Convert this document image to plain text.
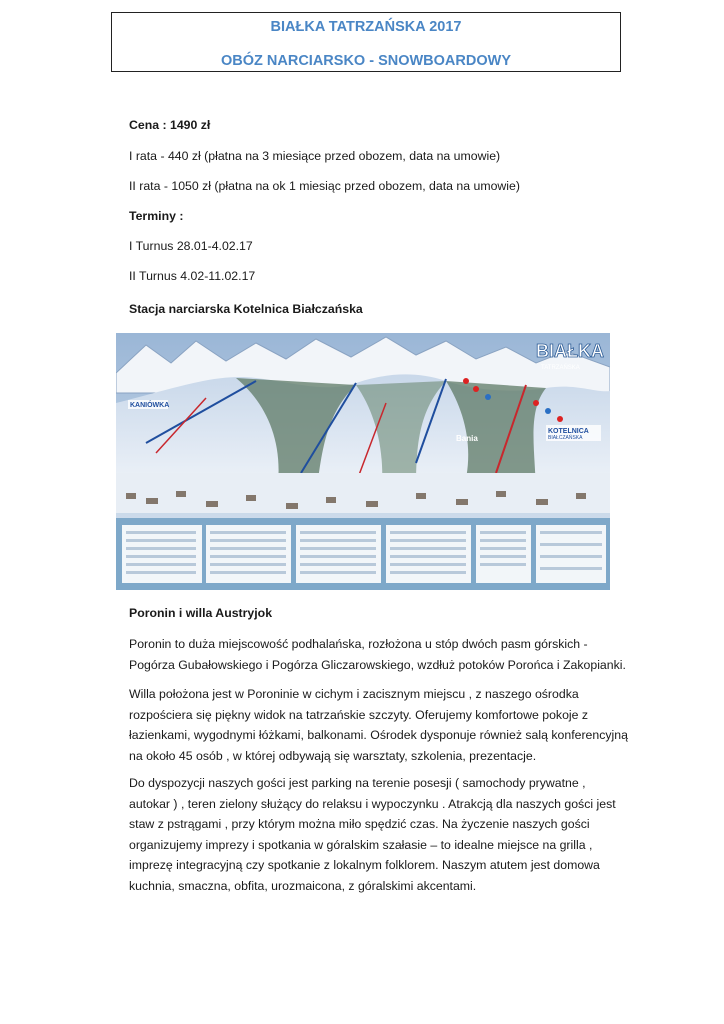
BIAŁKA TATRZAŃSKA 2017
OBÓZ NARCIARSKO - SNOWBOARDOWY
Cena : 1490 zł
I rata - 440 zł (płatna na 3 miesiące przed obozem, data na umowie)
II rata - 1050 zł (płatna na ok 1 miesiąc przed obozem, data na umowie)
Terminy :
I Turnus 28.01-4.02.17
II Turnus 4.02-11.02.17
Stacja narciarska Kotelnica Białczańska
BIAŁKA
TATRZAŃSKA
KANIÓWKA
Bania
KOTELNICA
BIAŁCZAŃSKA
Poronin i willa Austryjok
Poronin to duża miejscowość podhalańska, rozłożona u stóp dwóch pasm górskich - Pogórza Gubałowskiego i Pogórza Gliczarowskiego, wzdłuż potoków Porońca i Zakopianki.
Willa położona jest w Poroninie w cichym i zacisznym miejscu , z naszego ośrodka rozpościera się piękny widok na tatrzańskie szczyty. Oferujemy komfortowe pokoje z łazienkami, wygodnymi łóżkami, balkonami. Ośrodek dysponuje również salą konferencyjną na około 45 osób , w której odbywają się warsztaty, szkolenia, prezentacje.
Do dyspozycji naszych gości jest parking na terenie posesji ( samochody prywatne , autokar ) , teren zielony służący do relaksu i wypoczynku . Atrakcją dla naszych gości jest staw z pstrągami , przy którym można miło spędzić czas. Na życzenie naszych gości organizujemy imprezy i spotkania w góralskim szałasie – to idealne miejsce na grilla , imprezę integracyjną czy spotkanie z lokalnym folklorem. Naszym atutem jest domowa kuchnia, smaczna, obfita, urozmaicona, z góralskimi akcentami.
